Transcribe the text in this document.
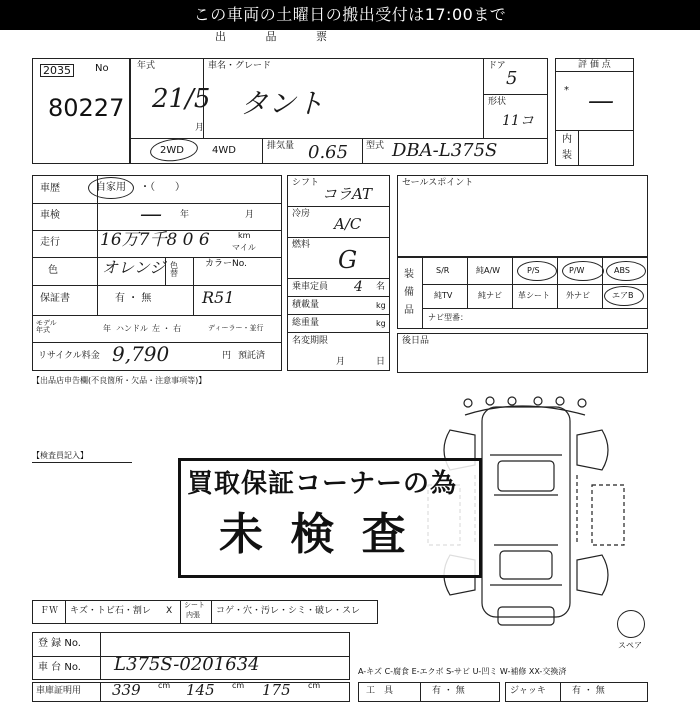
この車両の土曜日の搬出受付は17:00まで
出 品 票
2035	No
80227
年式
21/5
月
車名・グレード
タント
ドア
5
形状
11コ
2WD	4WD	排気量 0.65 型式 DBA-L375S
評 価 点
* —
内
装
車歴	自家用 ・（　　）
車検	— 年	月
走行 16万7千8 0 6	km
マイル
色	オレンジ 色替
カラーNo.
保証書	有 ・ 無	R51
モデル年式	年 ハンドル 左 ・ 右	ディーラー・並行
リサイクル料金 9,790	円 預託済
シフト
コラAT
冷房
A/C
燃料
G
乗車定員 4 名
積載量	kg
総重量	kg
名変期限
月	日
セールスポイント
装
備
品
S/R	純A/W	P/S	P/W	ABS
純TV	純ナビ 革シート 外ナビ	エアB
ナビ型番：
後日品
【出品店申告欄(不良箇所・欠品・注意事項等)】
【検査員記入】
スペア
買取保証コーナーの為
未 検 査
ＦＷ キズ・トビ石・割レ X
シート
内張 コゲ・穴・汚レ・シミ・破レ・スレ
登 録 No.
車 台 No. L375S-0201634	A-キズ C-腐食 E-エクボ S-サビ U-凹ミ W-補修 XX-交換済
車庫証明用 339 cm 145 cm 175 cm
工　具	有 ・ 無	ジャッキ	有 ・ 無
